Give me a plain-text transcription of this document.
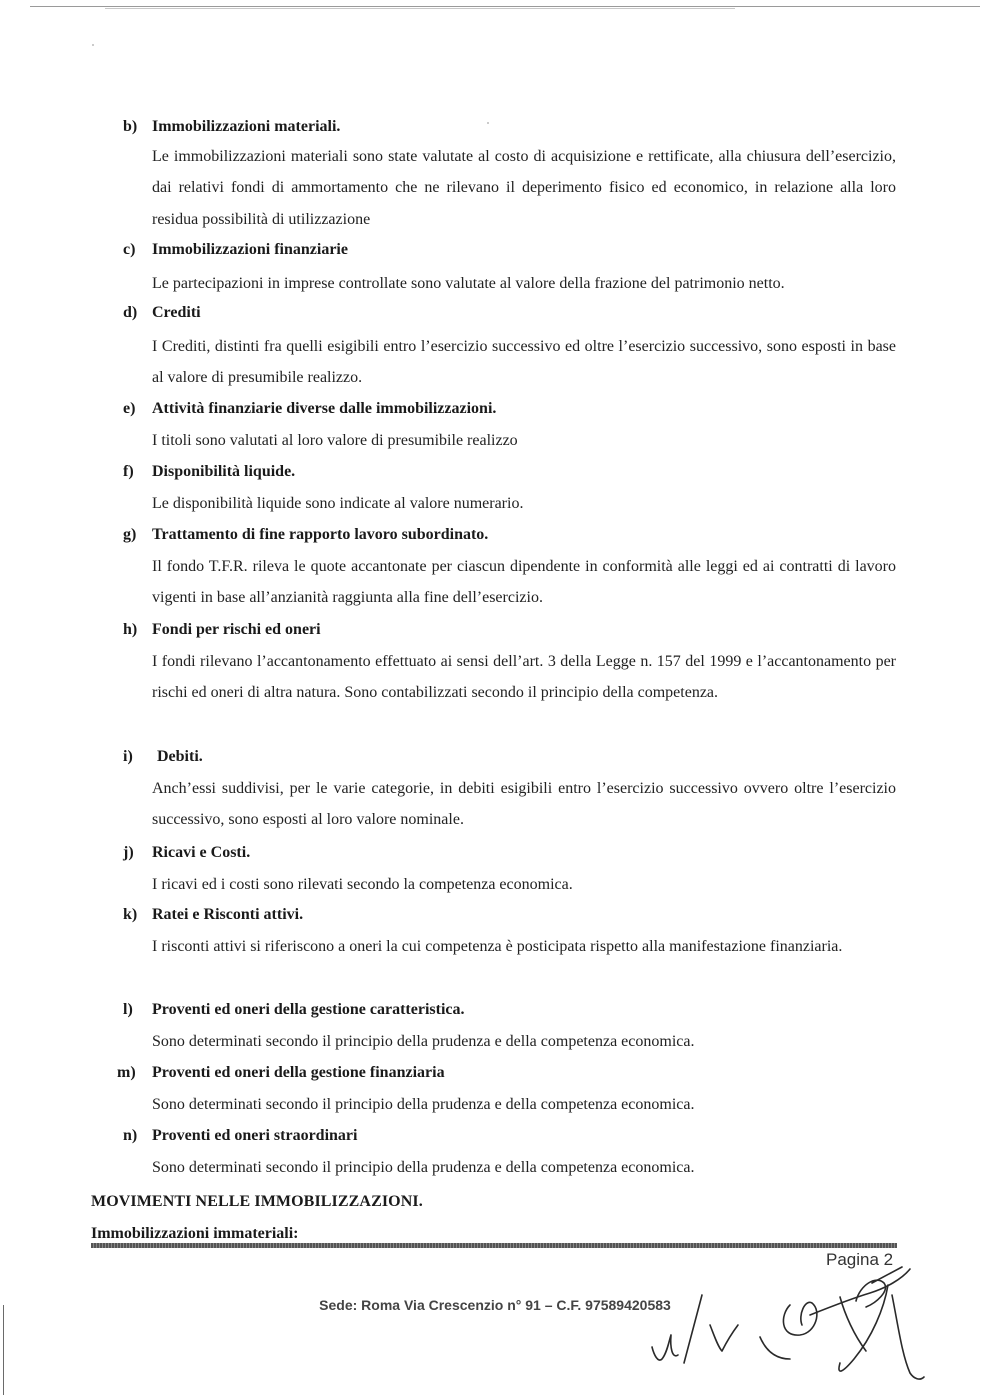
b) Immobilizzazioni materiali.
Le immobilizzazioni materiali sono state valutate al costo di acquisizione e rettificate, alla chiusura dell’esercizio, dai relativi fondi di ammortamento che ne rilevano il deperimento fisico ed economico, in relazione alla loro residua possibilità di utilizzazione
c) Immobilizzazioni finanziarie
Le partecipazioni in imprese controllate sono valutate al valore della frazione del patrimonio netto.
d) Crediti
I Crediti, distinti fra quelli esigibili entro l’esercizio successivo ed oltre l’esercizio successivo, sono esposti in base al valore di presumibile realizzo.
e) Attività finanziarie diverse dalle immobilizzazioni.
I titoli sono valutati al loro valore di presumibile realizzo
f) Disponibilità liquide.
Le disponibilità liquide sono indicate al valore numerario.
g) Trattamento di fine rapporto lavoro subordinato.
Il fondo T.F.R. rileva le quote accantonate per ciascun dipendente in conformità alle leggi ed ai contratti di lavoro vigenti in base all’anzianità raggiunta alla fine dell’esercizio.
h) Fondi per rischi ed oneri
I fondi rilevano l’accantonamento effettuato ai sensi dell’art. 3 della Legge n. 157 del 1999 e l’accantonamento per rischi ed oneri di altra natura. Sono contabilizzati secondo il principio della competenza.
i) Debiti.
Anch’essi suddivisi, per le varie categorie, in debiti esigibili entro l’esercizio successivo ovvero oltre l’esercizio successivo, sono esposti al loro valore nominale.
j) Ricavi e Costi.
I ricavi ed i costi sono rilevati secondo la competenza economica.
k) Ratei e Risconti attivi.
I risconti attivi si riferiscono a oneri la cui competenza è posticipata rispetto alla manifestazione finanziaria.
l) Proventi ed oneri della gestione caratteristica.
Sono determinati secondo il principio della prudenza e della competenza economica.
m) Proventi ed oneri della gestione finanziaria
Sono determinati secondo il principio della prudenza e della competenza economica.
n) Proventi ed oneri straordinari
Sono determinati secondo il principio della prudenza e della competenza economica.
MOVIMENTI NELLE IMMOBILIZZAZIONI.
Immobilizzazioni immateriali:
Pagina 2
Sede: Roma Via Crescenzio n° 91 – C.F. 97589420583
